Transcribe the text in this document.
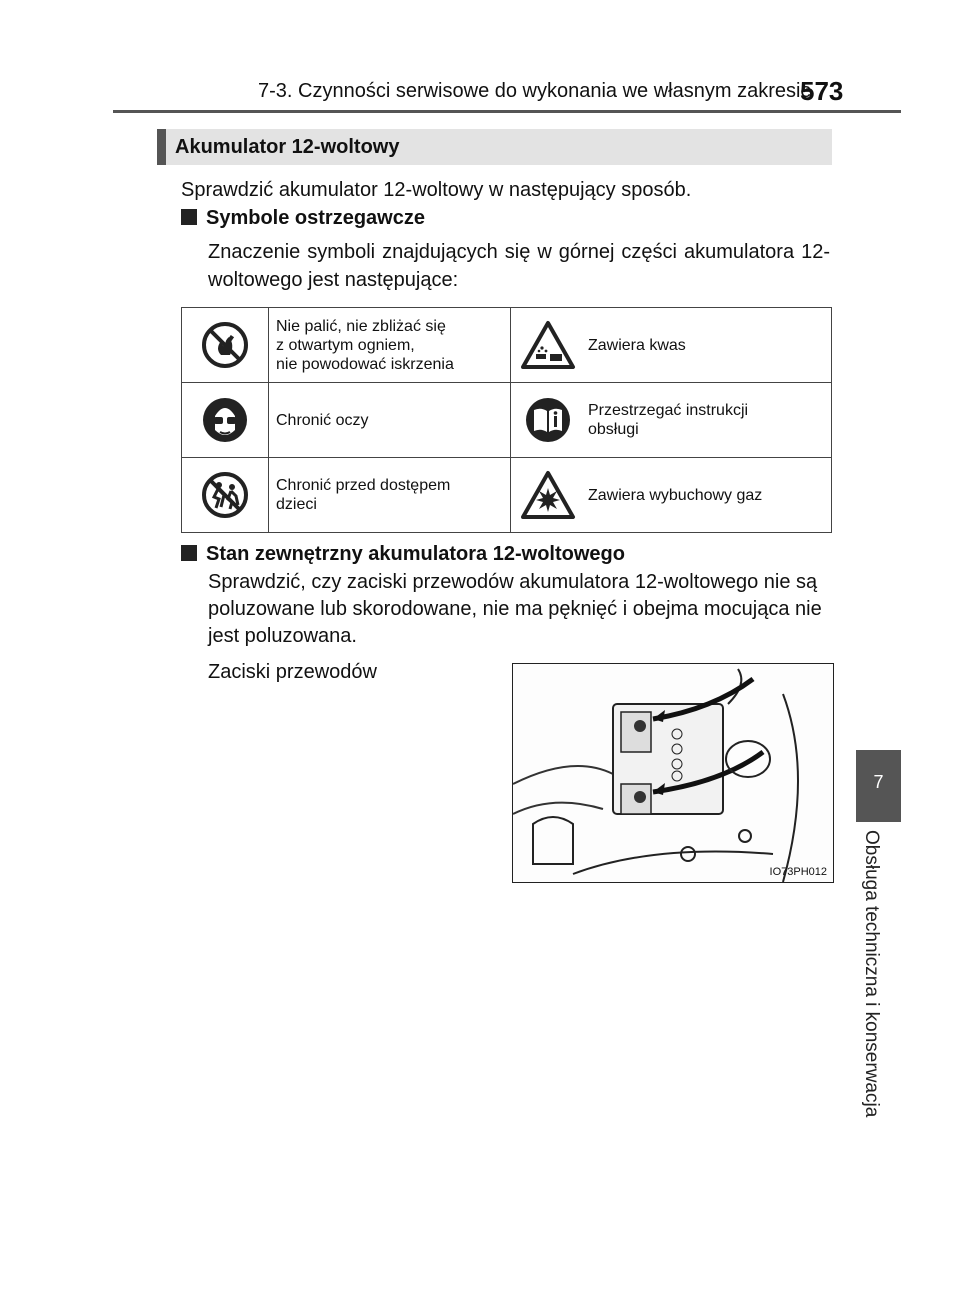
7-3. Czynności serwisowe do wykonania we własnym zakresie
573
7
Obsługa techniczna i konserwacja
Akumulator 12-woltowy
Sprawdzić akumulator 12-woltowy w następujący sposób.
Symbole ostrzegawcze
Znaczenie symboli znajdujących się w górnej części akumulatora 12-woltowego jest następujące:
	Nie palić, nie zbliżać się
z otwartym ogniem,
nie powodować iskrzenia		Zawiera kwas
	Chronić oczy		Przestrzegać instrukcji
obsługi
	Chronić przed dostępem
dzieci		Zawiera wybuchowy gaz
Stan zewnętrzny akumulatora 12-woltowego
Sprawdzić, czy zaciski przewodów akumulatora 12-woltowego nie są poluzowane lub skorodowane, nie ma pęknięć i obejma mocująca nie jest poluzowana.
Zaciski przewodów
IO73PH012
